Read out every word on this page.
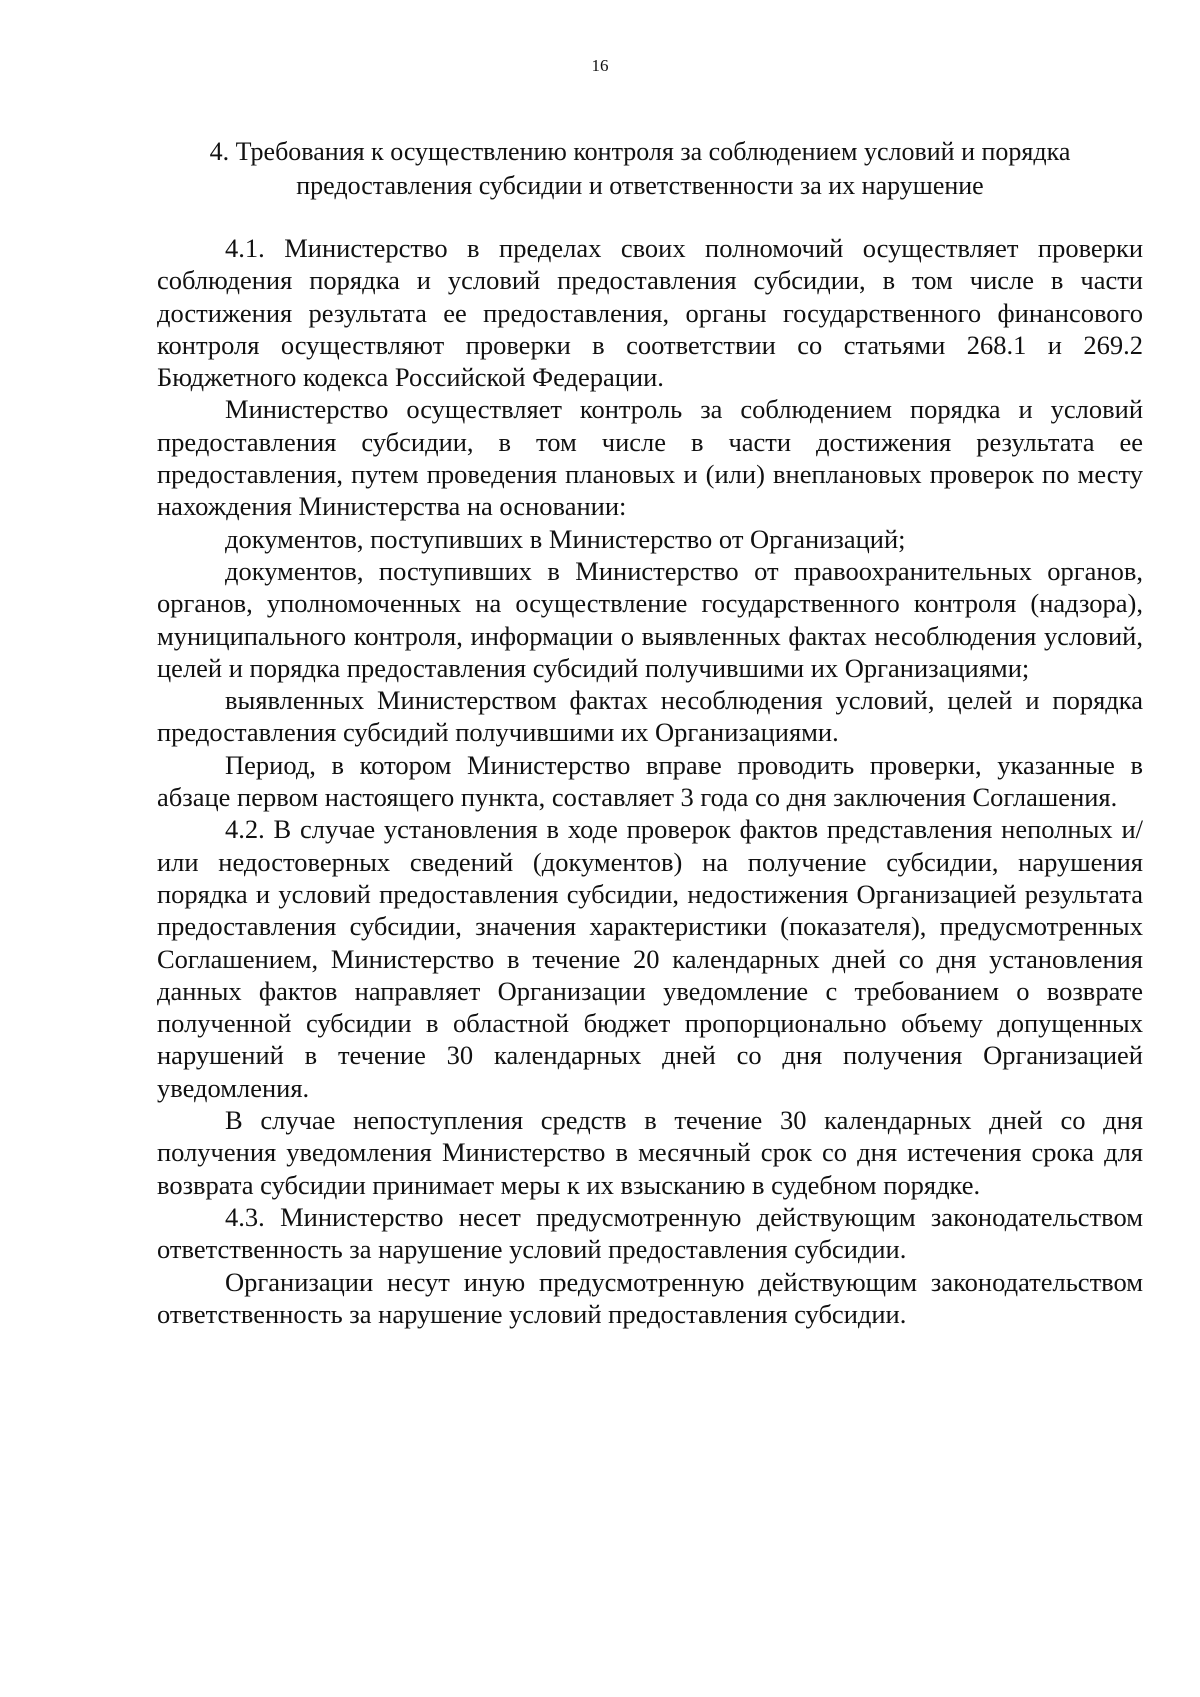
16
4. Требования к осуществлению контроля за соблюдением условий и порядка
предоставления субсидии и ответственности за их нарушение

4.1. Министерство в пределах своих полномочий осуществляет проверки соблюдения порядка и условий предоставления субсидии, в том числе в части достижения результата ее предоставления, органы государственного финансового контроля осуществляют проверки в соответствии со статьями 268.1 и 269.2 Бюджетного кодекса Российской Федерации.

Министерство осуществляет контроль за соблюдением порядка и условий предоставления субсидии, в том числе в части достижения результата ее предоставления, путем проведения плановых и (или) внеплановых проверок по месту нахождения Министерства на основании:

документов, поступивших в Министерство от Организаций;

документов, поступивших в Министерство от правоохранительных органов, органов, уполномоченных на осуществление государственного контроля (надзора), муниципального контроля, информации о выявленных фактах несоблюдения условий, целей и порядка предоставления субсидий получившими их Организациями;

выявленных Министерством фактах несоблюдения условий, целей и порядка предоставления субсидий получившими их Организациями.

Период, в котором Министерство вправе проводить проверки, указанные в абзаце первом настоящего пункта, составляет 3 года со дня заключения Соглашения.

4.2. В случае установления в ходе проверок фактов представления неполных и/или недостоверных сведений (документов) на получение субсидии, нарушения порядка и условий предоставления субсидии, недостижения Организацией результата предоставления субсидии, значения характеристики (показателя), предусмотренных Соглашением, Министерство в течение 20 календарных дней со дня установления данных фактов направляет Организации уведомление с требованием о возврате полученной субсидии в областной бюджет пропорционально объему допущенных нарушений в течение 30 календарных дней со дня получения Организацией уведомления.

В случае непоступления средств в течение 30 календарных дней со дня получения уведомления Министерство в месячный срок со дня истечения срока для возврата субсидии принимает меры к их взысканию в судебном порядке.

4.3. Министерство несет предусмотренную действующим законодательством ответственность за нарушение условий предоставления субсидии.

Организации несут иную предусмотренную действующим законодательством ответственность за нарушение условий предоставления субсидии.
